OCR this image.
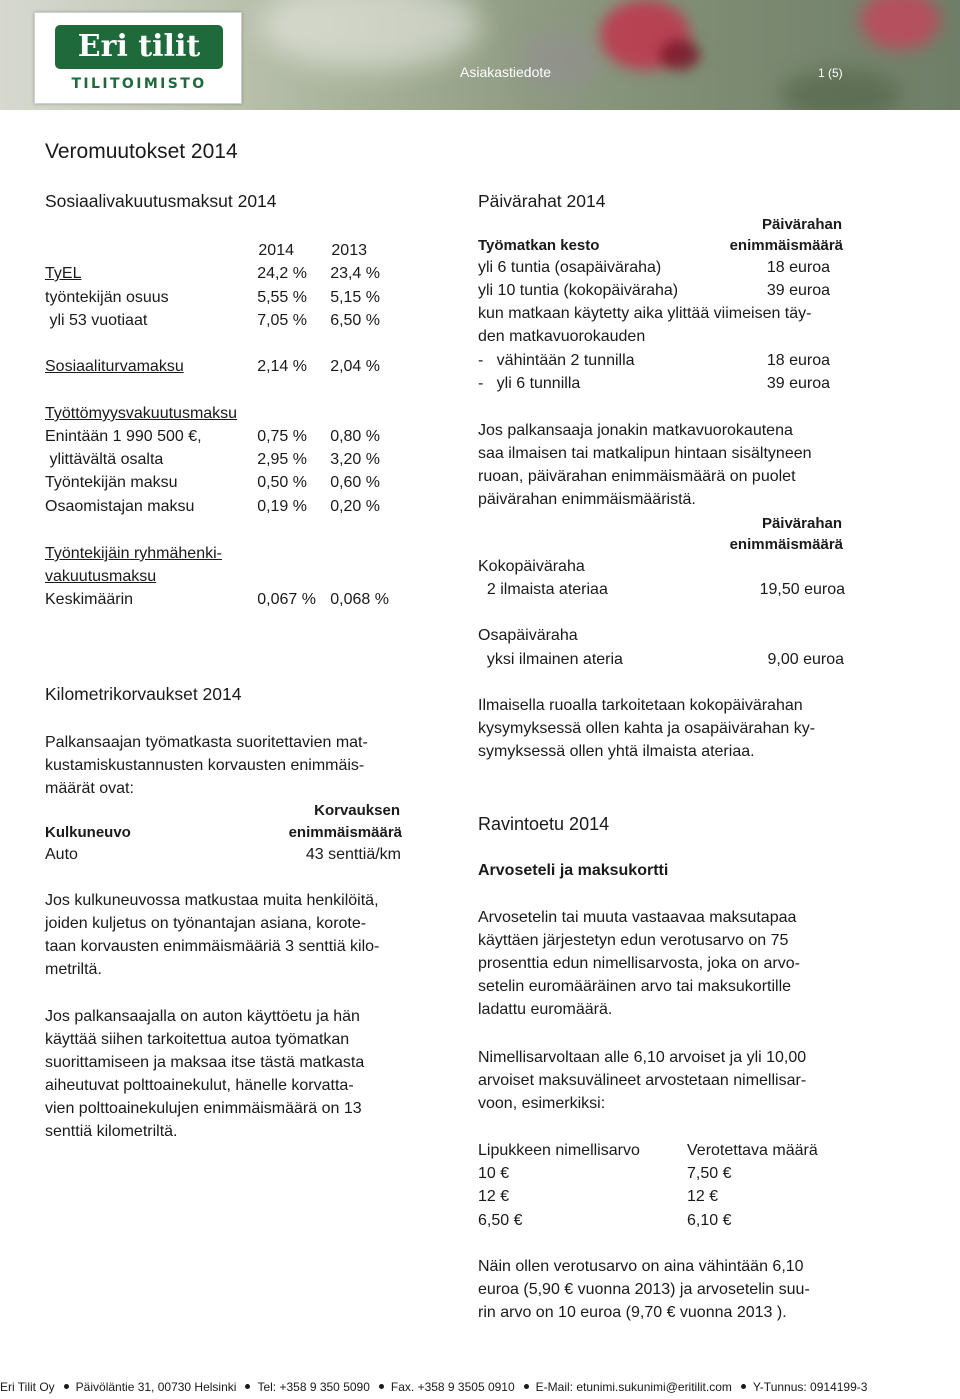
Eri tilit
TILITOIMISTO
Asiakastiedote	1 (5)
Veromuutokset 2014
Sosiaalivakuutusmaksut 2014
2014	2013
TyEL	24,2 %	23,4 %
työntekijän osuus	5,55 %	5,15 %
yli 53 vuotiaat	7,05 %	6,50 %
Sosiaaliturvamaksu	2,14 %	2,04 %
Työttömyysvakuutusmaksu
Enintään 1 990 500 €,	0,75 %	0,80 %
ylittävältä osalta	2,95 %	3,20 %
Työntekijän maksu	0,50 %	0,60 %
Osaomistajan maksu	0,19 %	0,20 %
Työntekijäin ryhmähenki-
vakuutusmaksu
Keskimäärin	0,067 % 0,068 %
Kilometrikorvaukset 2014
Palkansaajan työmatkasta suoritettavien mat-
kustamiskustannusten korvausten enimmäis-
määrät ovat:
Korvauksen
Kulkuneuvo	enimmäismäärä
Auto	43 senttiä/km
Jos kulkuneuvossa matkustaa muita henkilöitä,
joiden kuljetus on työnantajan asiana, korote-
taan korvausten enimmäismääriä 3 senttiä kilo-
metriltä.
Jos palkansaajalla on auton käyttöetu ja hän
käyttää siihen tarkoitettua autoa työmatkan
suorittamiseen ja maksaa itse tästä matkasta
aiheutuvat polttoainekulut, hänelle korvatta-
vien polttoainekulujen enimmäismäärä on 13
senttiä kilometriltä.
Päivärahat 2014
Päivärahan
Työmatkan kesto	enimmäismäärä
yli 6 tuntia (osapäiväraha)	18 euroa
yli 10 tuntia (kokopäiväraha)	39 euroa
kun matkaan käytetty aika ylittää viimeisen täy-
den matkavuorokauden
-   vähintään 2 tunnilla	18 euroa
-   yli 6 tunnilla	39 euroa
Jos palkansaaja jonakin matkavuorokautena
saa ilmaisen tai matkalipun hintaan sisältyneen
ruoan, päivärahan enimmäismäärä on puolet
päivärahan enimmäismääristä.
Päivärahan
enimmäismäärä
Kokopäiväraha
2 ilmaista ateriaa	19,50 euroa
Osapäiväraha
yksi ilmainen ateria	9,00 euroa
Ilmaisella ruoalla tarkoitetaan kokopäivärahan
kysymyksessä ollen kahta ja osapäivärahan ky-
symyksessä ollen yhtä ilmaista ateriaa.
Ravintoetu 2014
Arvoseteli ja maksukortti
Arvosetelin tai muuta vastaavaa maksutapaa
käyttäen järjestetyn edun verotusarvo on 75
prosenttia edun nimellisarvosta, joka on arvo-
setelin euromääräinen arvo tai maksukortille
ladattu euromäärä.
Nimellisarvoltaan alle 6,10 arvoiset ja yli 10,00
arvoiset maksuvälineet arvostetaan nimellisar-
voon, esimerkiksi:
Lipukkeen nimellisarvo	Verotettava määrä
10 €	7,50 €
12 €	12 €
6,50 €	6,10 €
Näin ollen verotusarvo on aina vähintään 6,10
euroa (5,90 € vuonna 2013) ja arvosetelin suu-
rin arvo on 10 euroa (9,70 € vuonna 2013 ).
Eri Tilit Oy Päivöläntie 31, 00730 Helsinki Tel: +358 9 350 5090 Fax. +358 9 3505 0910 E-Mail: etunimi.sukunimi@eritilit.com Y-Tunnus: 0914199-3
